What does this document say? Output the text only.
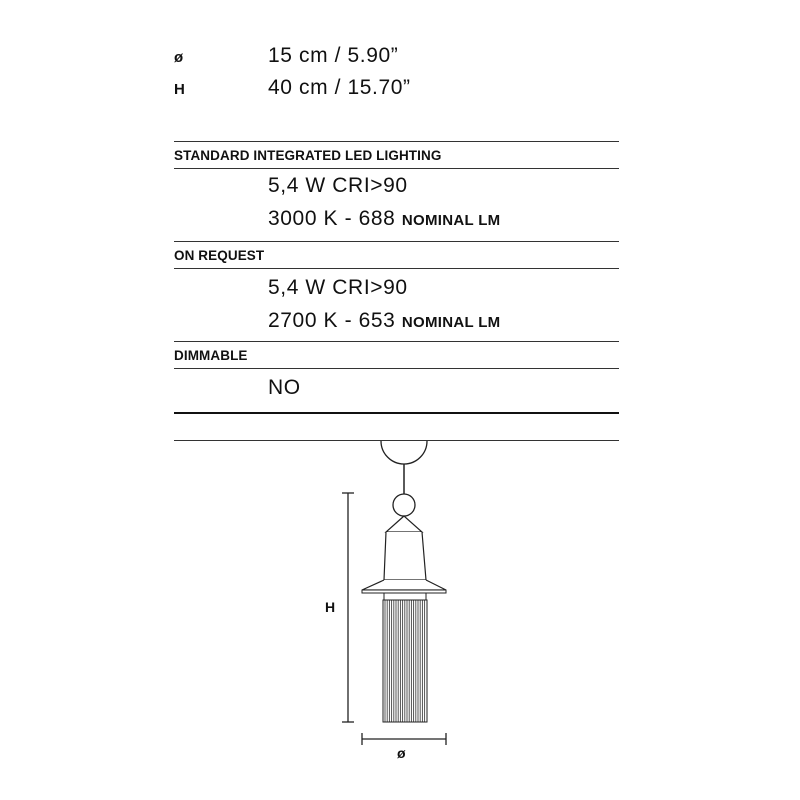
ø	15 cm / 5.90”
H	40 cm / 15.70”
STANDARD INTEGRATED LED LIGHTING
5,4 W CRI>90
3000 K - 688 NOMINAL LM
ON REQUEST
5,4 W CRI>90
2700 K - 653 NOMINAL LM
DIMMABLE
NO
H
ø
